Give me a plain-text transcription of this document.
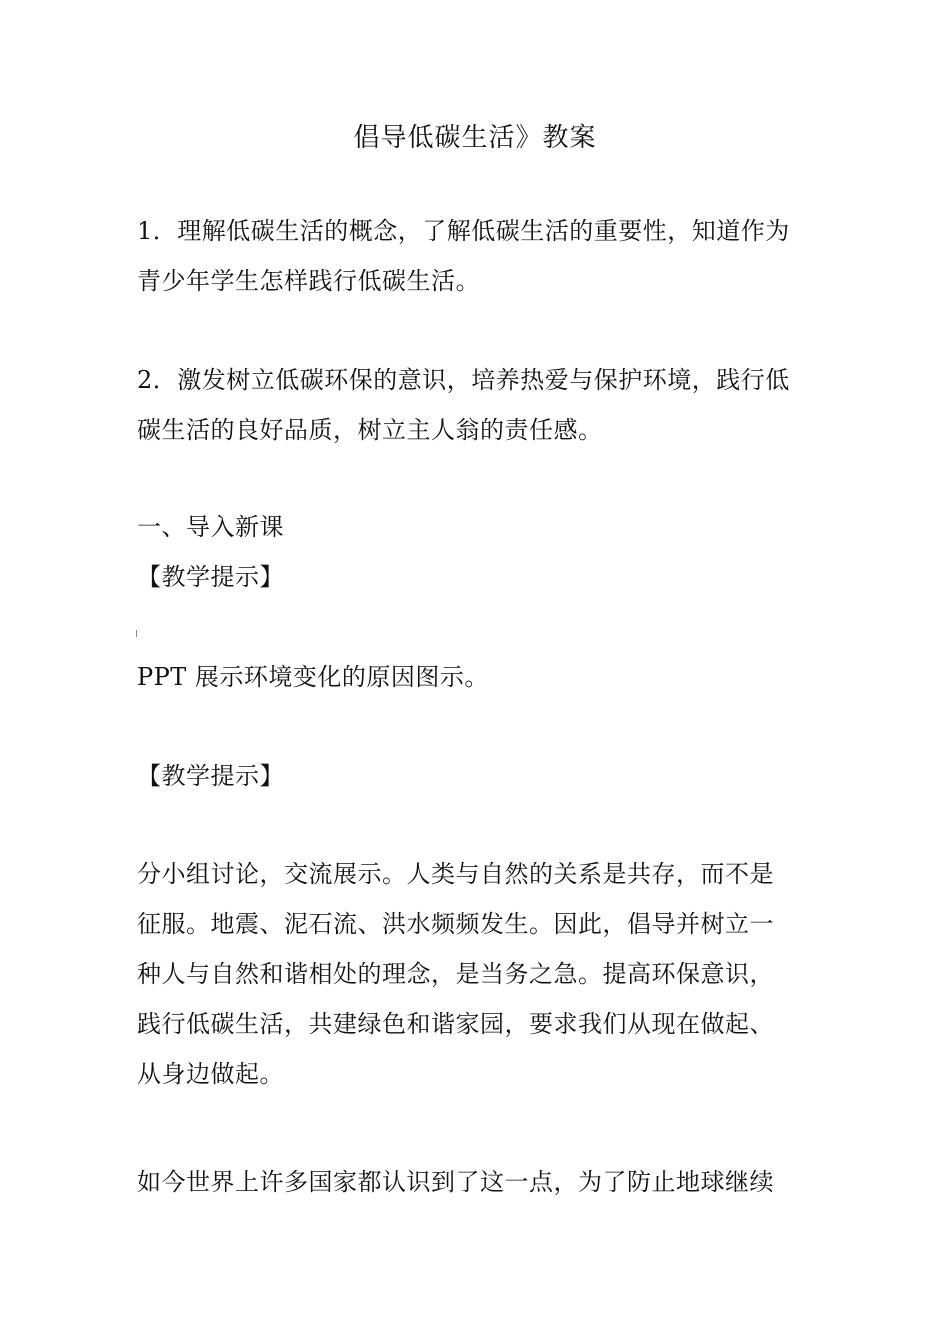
倡导低碳生活》教案

1．理解低碳生活的概念，了解低碳生活的重要性，知道作为

青少年学生怎样践行低碳生活。

2．激发树立低碳环保的意识，培养热爱与保护环境，践行低

碳生活的良好品质，树立主人翁的责任感。

一、导入新课

【教学提示】

PPT 展示环境变化的原因图示。

【教学提示】

分小组讨论，交流展示。人类与自然的关系是共存，而不是

征服。地震、泥石流、洪水频频发生。因此，倡导并树立一

种人与自然和谐相处的理念，是当务之急。提高环保意识，

践行低碳生活，共建绿色和谐家园，要求我们从现在做起、

从身边做起。

如今世界上许多国家都认识到了这一点，为了防止地球继续
